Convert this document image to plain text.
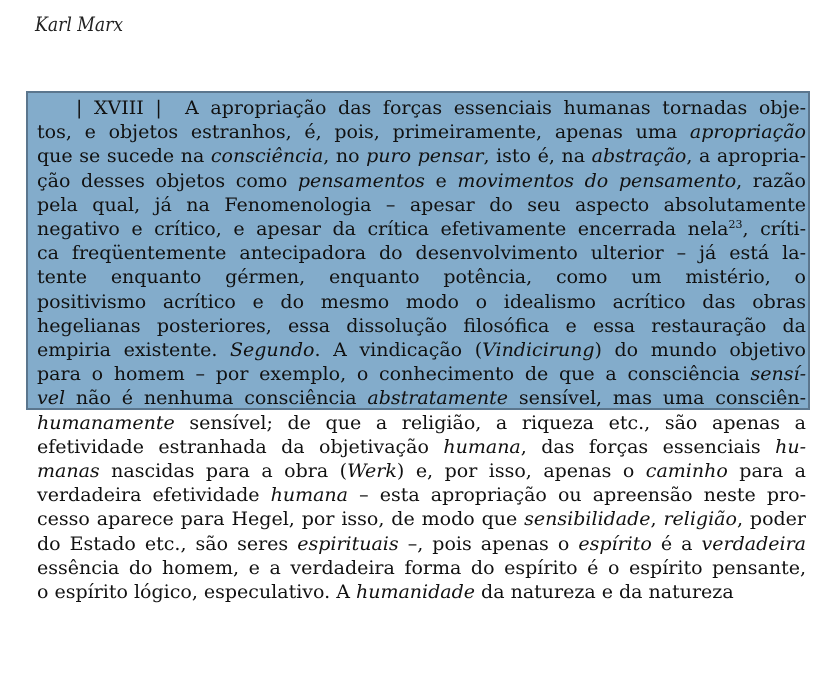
Karl Marx
| XVIII |  A apropriação das forças essenciais humanas tornadas obje-
tos, e objetos estranhos, é, pois, primeiramente, apenas uma apropriação
que se sucede na consciência, no puro pensar, isto é, na abstração, a apropria-
ção desses objetos como pensamentos e movimentos do pensamento, razão
pela qual, já na Fenomenologia – apesar do seu aspecto absolutamente
negativo e crítico, e apesar da crítica efetivamente encerrada nela$^{23}$, críti-
ca freqüentemente antecipadora do desenvolvimento ulterior – já está la-
tente enquanto gérmen, enquanto potência, como um mistério, o
positivismo acrítico e do mesmo modo o idealismo acrítico das obras
hegelianas posteriores, essa dissolução filosófica e essa restauração da
empiria existente. Segundo. A vindicação (Vindicirung) do mundo objetivo
para o homem – por exemplo, o conhecimento de que a consciência sensí-
vel não é nenhuma consciência abstratamente sensível, mas uma consciên-
humanamente sensível; de que a religião, a riqueza etc., são apenas a
efetividade estranhada da objetivação humana, das forças essenciais hu-
manas nascidas para a obra (Werk) e, por isso, apenas o caminho para a
verdadeira efetividade humana – esta apropriação ou apreensão neste pro-
cesso aparece para Hegel, por isso, de modo que sensibilidade, religião, poder
do Estado etc., são seres espirituais –, pois apenas o espírito é a verdadeira
essência do homem, e a verdadeira forma do espírito é o espírito pensante,
o espírito lógico, especulativo. A humanidade da natureza e da natureza
